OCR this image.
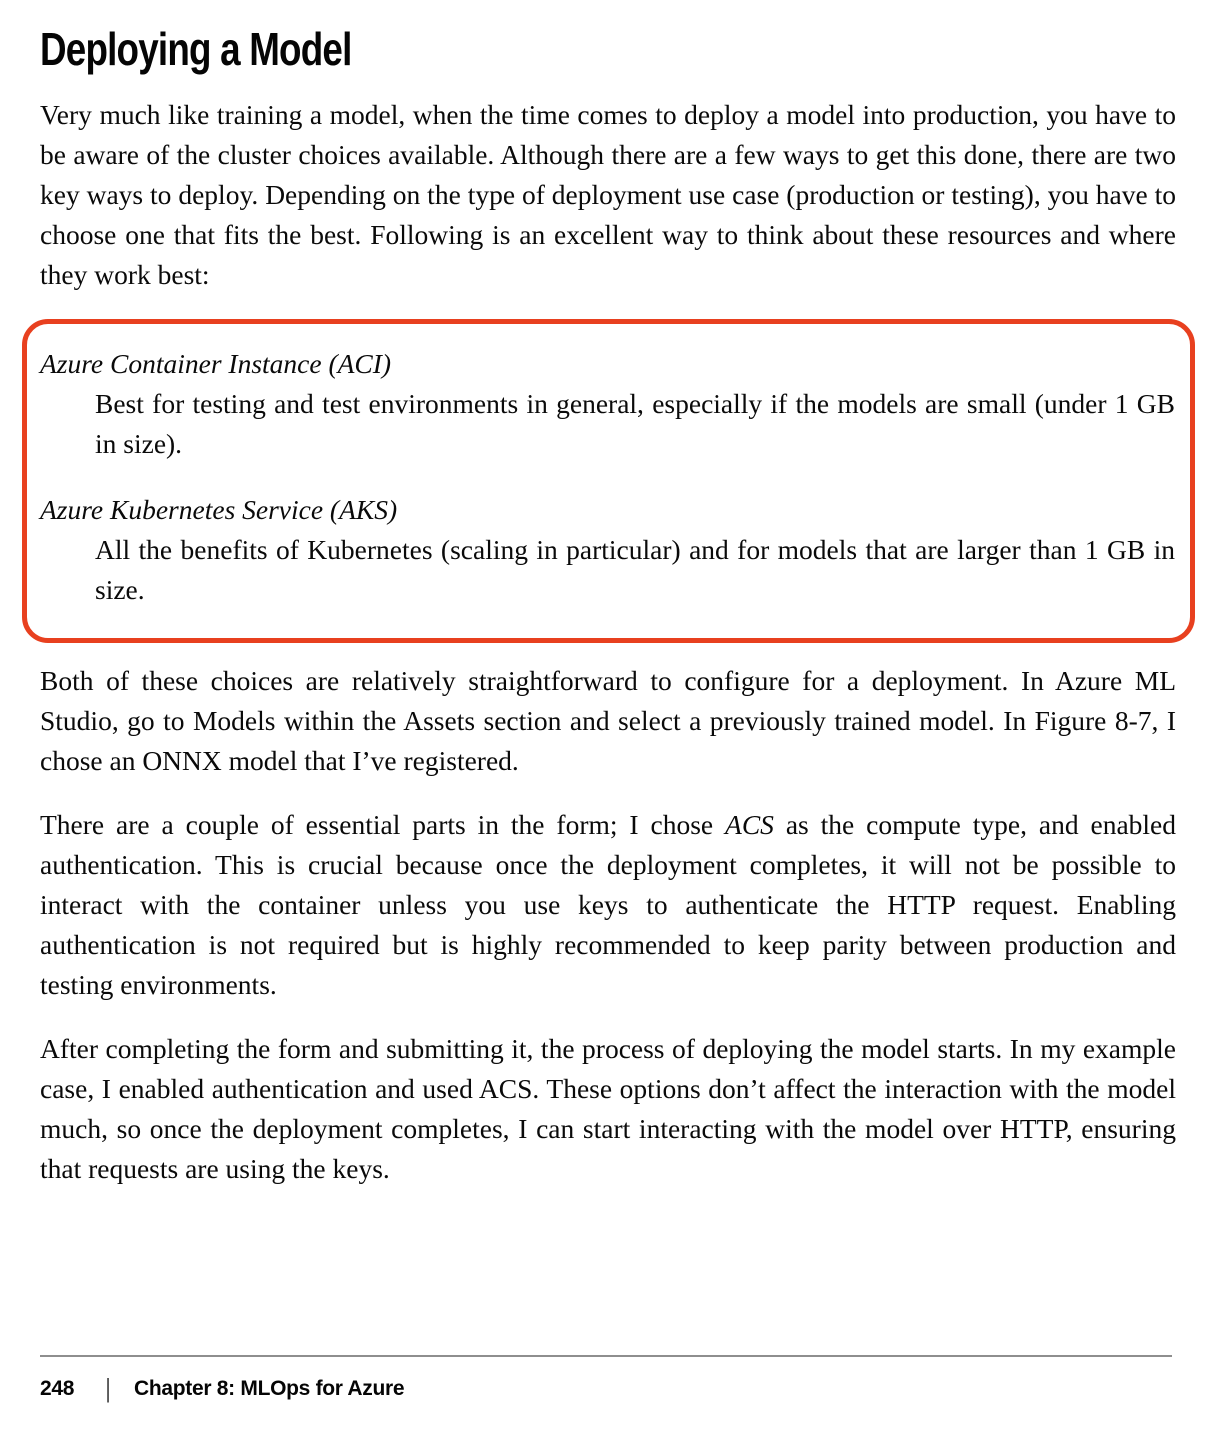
Deploying a Model

Very much like training a model, when the time comes to deploy a model into production, you have to be aware of the cluster choices available. Although there are a few ways to get this done, there are two key ways to deploy. Depending on the type of deployment use case (production or testing), you have to choose one that fits the best. Following is an excellent way to think about these resources and where they work best:

Azure Container Instance (ACI)
Best for testing and test environments in general, especially if the models are small (under 1 GB in size).
Azure Kubernetes Service (AKS)
All the benefits of Kubernetes (scaling in particular) and for models that are larger than 1 GB in size.

Both of these choices are relatively straightforward to configure for a deployment. In Azure ML Studio, go to Models within the Assets section and select a previously trained model. In Figure 8-7, I chose an ONNX model that I’ve registered.

There are a couple of essential parts in the form; I chose ACS as the compute type, and enabled authentication. This is crucial because once the deployment completes, it will not be possible to interact with the container unless you use keys to authenticate the HTTP request. Enabling authentication is not required but is highly recommended to keep parity between production and testing environments.

After completing the form and submitting it, the process of deploying the model starts. In my example case, I enabled authentication and used ACS. These options don’t affect the interaction with the model much, so once the deployment completes, I can start interacting with the model over HTTP, ensuring that requests are using the keys.

248	| Chapter 8: MLOps for Azure
